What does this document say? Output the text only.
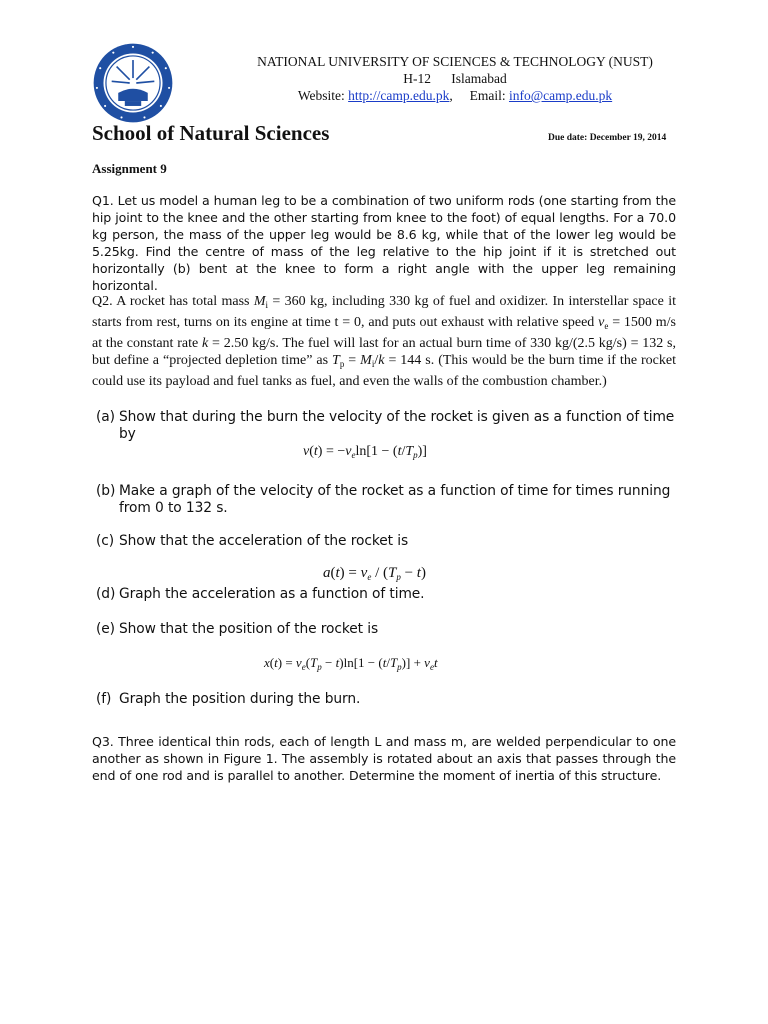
NATIONAL UNIVERSITY OF SCIENCES & TECHNOLOGY (NUST)
H-12      Islamabad
Website: http://camp.edu.pk,     Email: info@camp.edu.pk
School of Natural Sciences	Due date: December 19, 2014
Assignment 9
Q1. Let us model a human leg to be a combination of two uniform rods (one starting from the hip joint to the knee and the other starting from knee to the foot) of equal lengths. For a 70.0 kg person, the mass of the upper leg would be 8.6 kg, while that of the lower leg would be 5.25kg. Find the centre of mass of the leg relative to the hip joint if it is stretched out horizontally (b) bent at the knee to form a right angle with the upper leg remaining horizontal.
Q2. A rocket has total mass $M_i = 360$ kg, including 330 kg of fuel and oxidizer. In interstellar space it starts from rest, turns on its engine at time t = 0, and puts out exhaust with relative speed $v_e = 1500$ m/s at the constant rate k = 2.50 kg/s. The fuel will last for an actual burn time of 330 kg/(2.5 kg/s) = 132 s, but define a “projected depletion time” as $T_p = M_i/k = 144$ s. (This would be the burn time if the rocket could use its payload and fuel tanks as fuel, and even the walls of the combustion chamber.)
(a) Show that during the burn the velocity of the rocket is given as a function of time by
$v(t) = -v_e\ln[1 - (t/T_p)]$
(b) Make a graph of the velocity of the rocket as a function of time for times running from 0 to 132 s.
(c) Show that the acceleration of the rocket is
$a(t) = v_e / (T_p - t)$
(d) Graph the acceleration as a function of time.
(e) Show that the position of the rocket is
$x(t) = v_e(T_p - t)\ln[1 - (t/T_p)] + v_et$
(f) Graph the position during the burn.
Q3. Three identical thin rods, each of length L and mass m, are welded perpendicular to one another as shown in Figure 1. The assembly is rotated about an axis that passes through the end of one rod and is parallel to another. Determine the moment of inertia of this structure.
